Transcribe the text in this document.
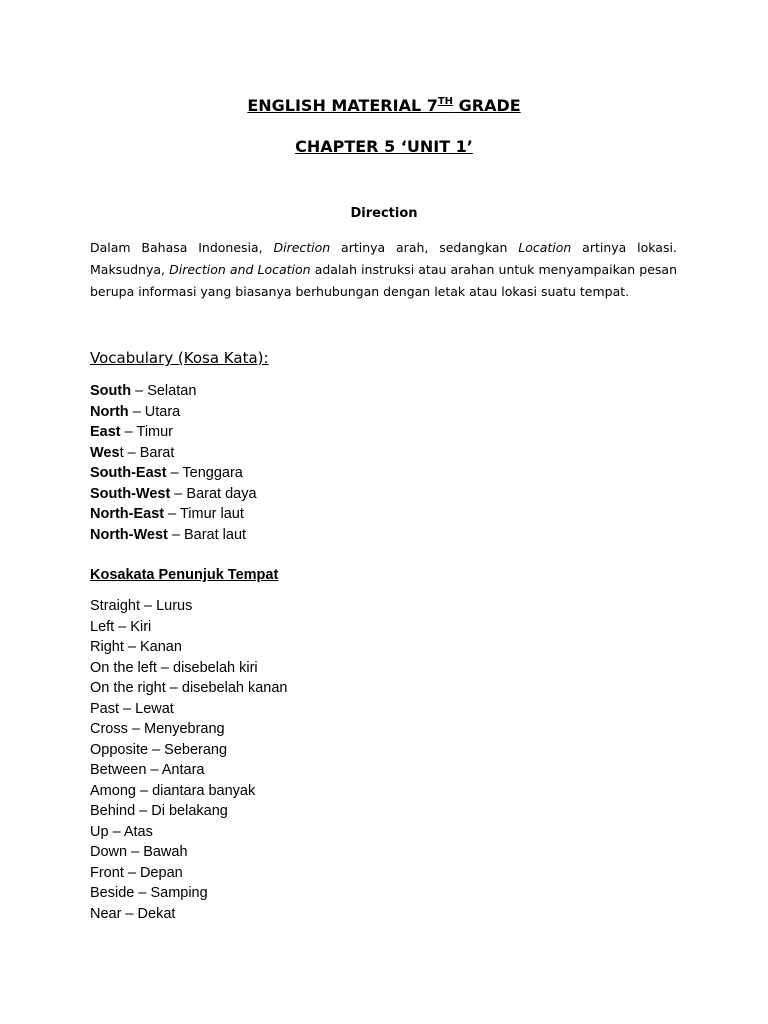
ENGLISH MATERIAL 7TH GRADE
CHAPTER 5 ‘UNIT 1’
Direction

Dalam Bahasa Indonesia, Direction artinya arah, sedangkan Location artinya lokasi.

Maksudnya, Direction and Location adalah instruksi atau arahan untuk menyampaikan pesan

berupa informasi yang biasanya berhubungan dengan letak atau lokasi suatu tempat.

Vocabulary (Kosa Kata):
South – Selatan
North – Utara
East – Timur
West – Barat
South-East – Tenggara
South-West – Barat daya
North-East – Timur laut
North-West – Barat laut
Kosakata Penunjuk Tempat
Straight – Lurus
Left – Kiri
Right – Kanan
On the left – disebelah kiri
On the right – disebelah kanan
Past – Lewat
Cross – Menyebrang
Opposite – Seberang
Between – Antara
Among – diantara banyak
Behind – Di belakang
Up – Atas
Down – Bawah
Front – Depan
Beside – Samping
Near – Dekat
